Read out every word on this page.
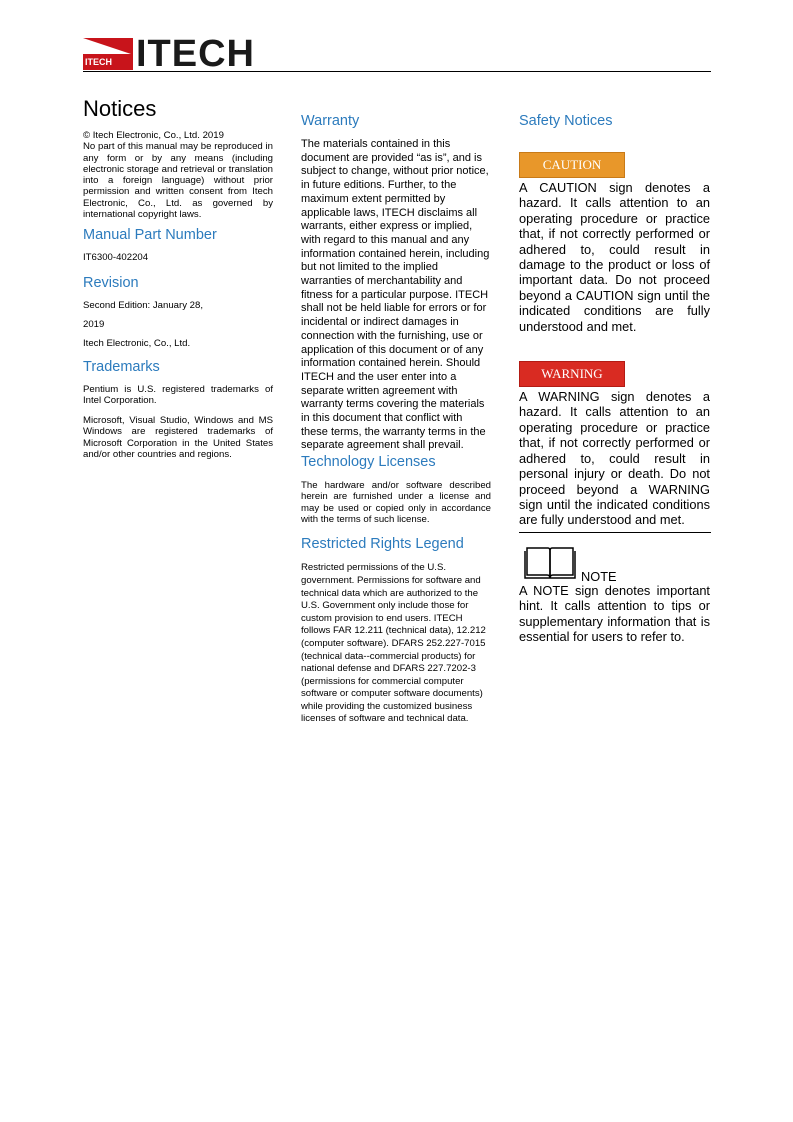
ITECH ITECH
Notices

© Itech Electronic, Co., Ltd. 2019

No part of this manual may be reproduced in any form or by any means (including electronic storage and retrieval or translation into a foreign language) without prior permission and written consent from Itech Electronic, Co., Ltd. as governed by international copyright laws.

Manual Part Number

IT6300-402204

Revision

Second Edition: January 28,

2019

Itech Electronic, Co., Ltd.

Trademarks

Pentium is U.S. registered trademarks of Intel Corporation.

Microsoft, Visual Studio, Windows and MS Windows are registered trademarks of Microsoft Corporation in the United States and/or other countries and regions.

Warranty

The materials contained in this document are provided “as is”, and is subject to change, without prior notice, in future editions. Further, to the maximum extent permitted by applicable laws, ITECH disclaims all warrants, either express or implied, with regard to this manual and any information contained herein, including but not limited to the implied warranties of merchantability and fitness for a particular purpose. ITECH shall not be held liable for errors or for incidental or indirect damages in connection with the furnishing, use or application of this document or of any information contained herein. Should ITECH and the user enter into a separate written agreement with warranty terms covering the materials in this document that conflict with these terms, the warranty terms in the separate agreement shall prevail.

Technology Licenses

The hardware and/or software described herein are furnished under a license and may be used or copied only in accordance with the terms of such license.

Restricted Rights Legend

Restricted permissions of the U.S. government. Permissions for software and technical data which are authorized to the U.S. Government only include those for custom provision to end users. ITECH follows FAR 12.211 (technical data), 12.212 (computer software). DFARS 252.227-7015 (technical data--commercial products) for national defense and DFARS 227.7202-3 (permissions for commercial computer software or computer software documents) while providing the customized business licenses of software and technical data.

Safety Notices
CAUTION

A CAUTION sign denotes a hazard. It calls attention to an operating procedure or practice that, if not correctly performed or adhered to, could result in damage to the product or loss of important data. Do not proceed beyond a CAUTION sign until the indicated conditions are fully understood and met.

WARNING

A WARNING sign denotes a hazard. It calls attention to an operating procedure or practice that, if not correctly performed or adhered to, could result in personal injury or death. Do not proceed beyond a WARNING sign until the indicated conditions are fully understood and met.

NOTE

A NOTE sign denotes important hint. It calls attention to tips or supplementary information that is essential for users to refer to.
